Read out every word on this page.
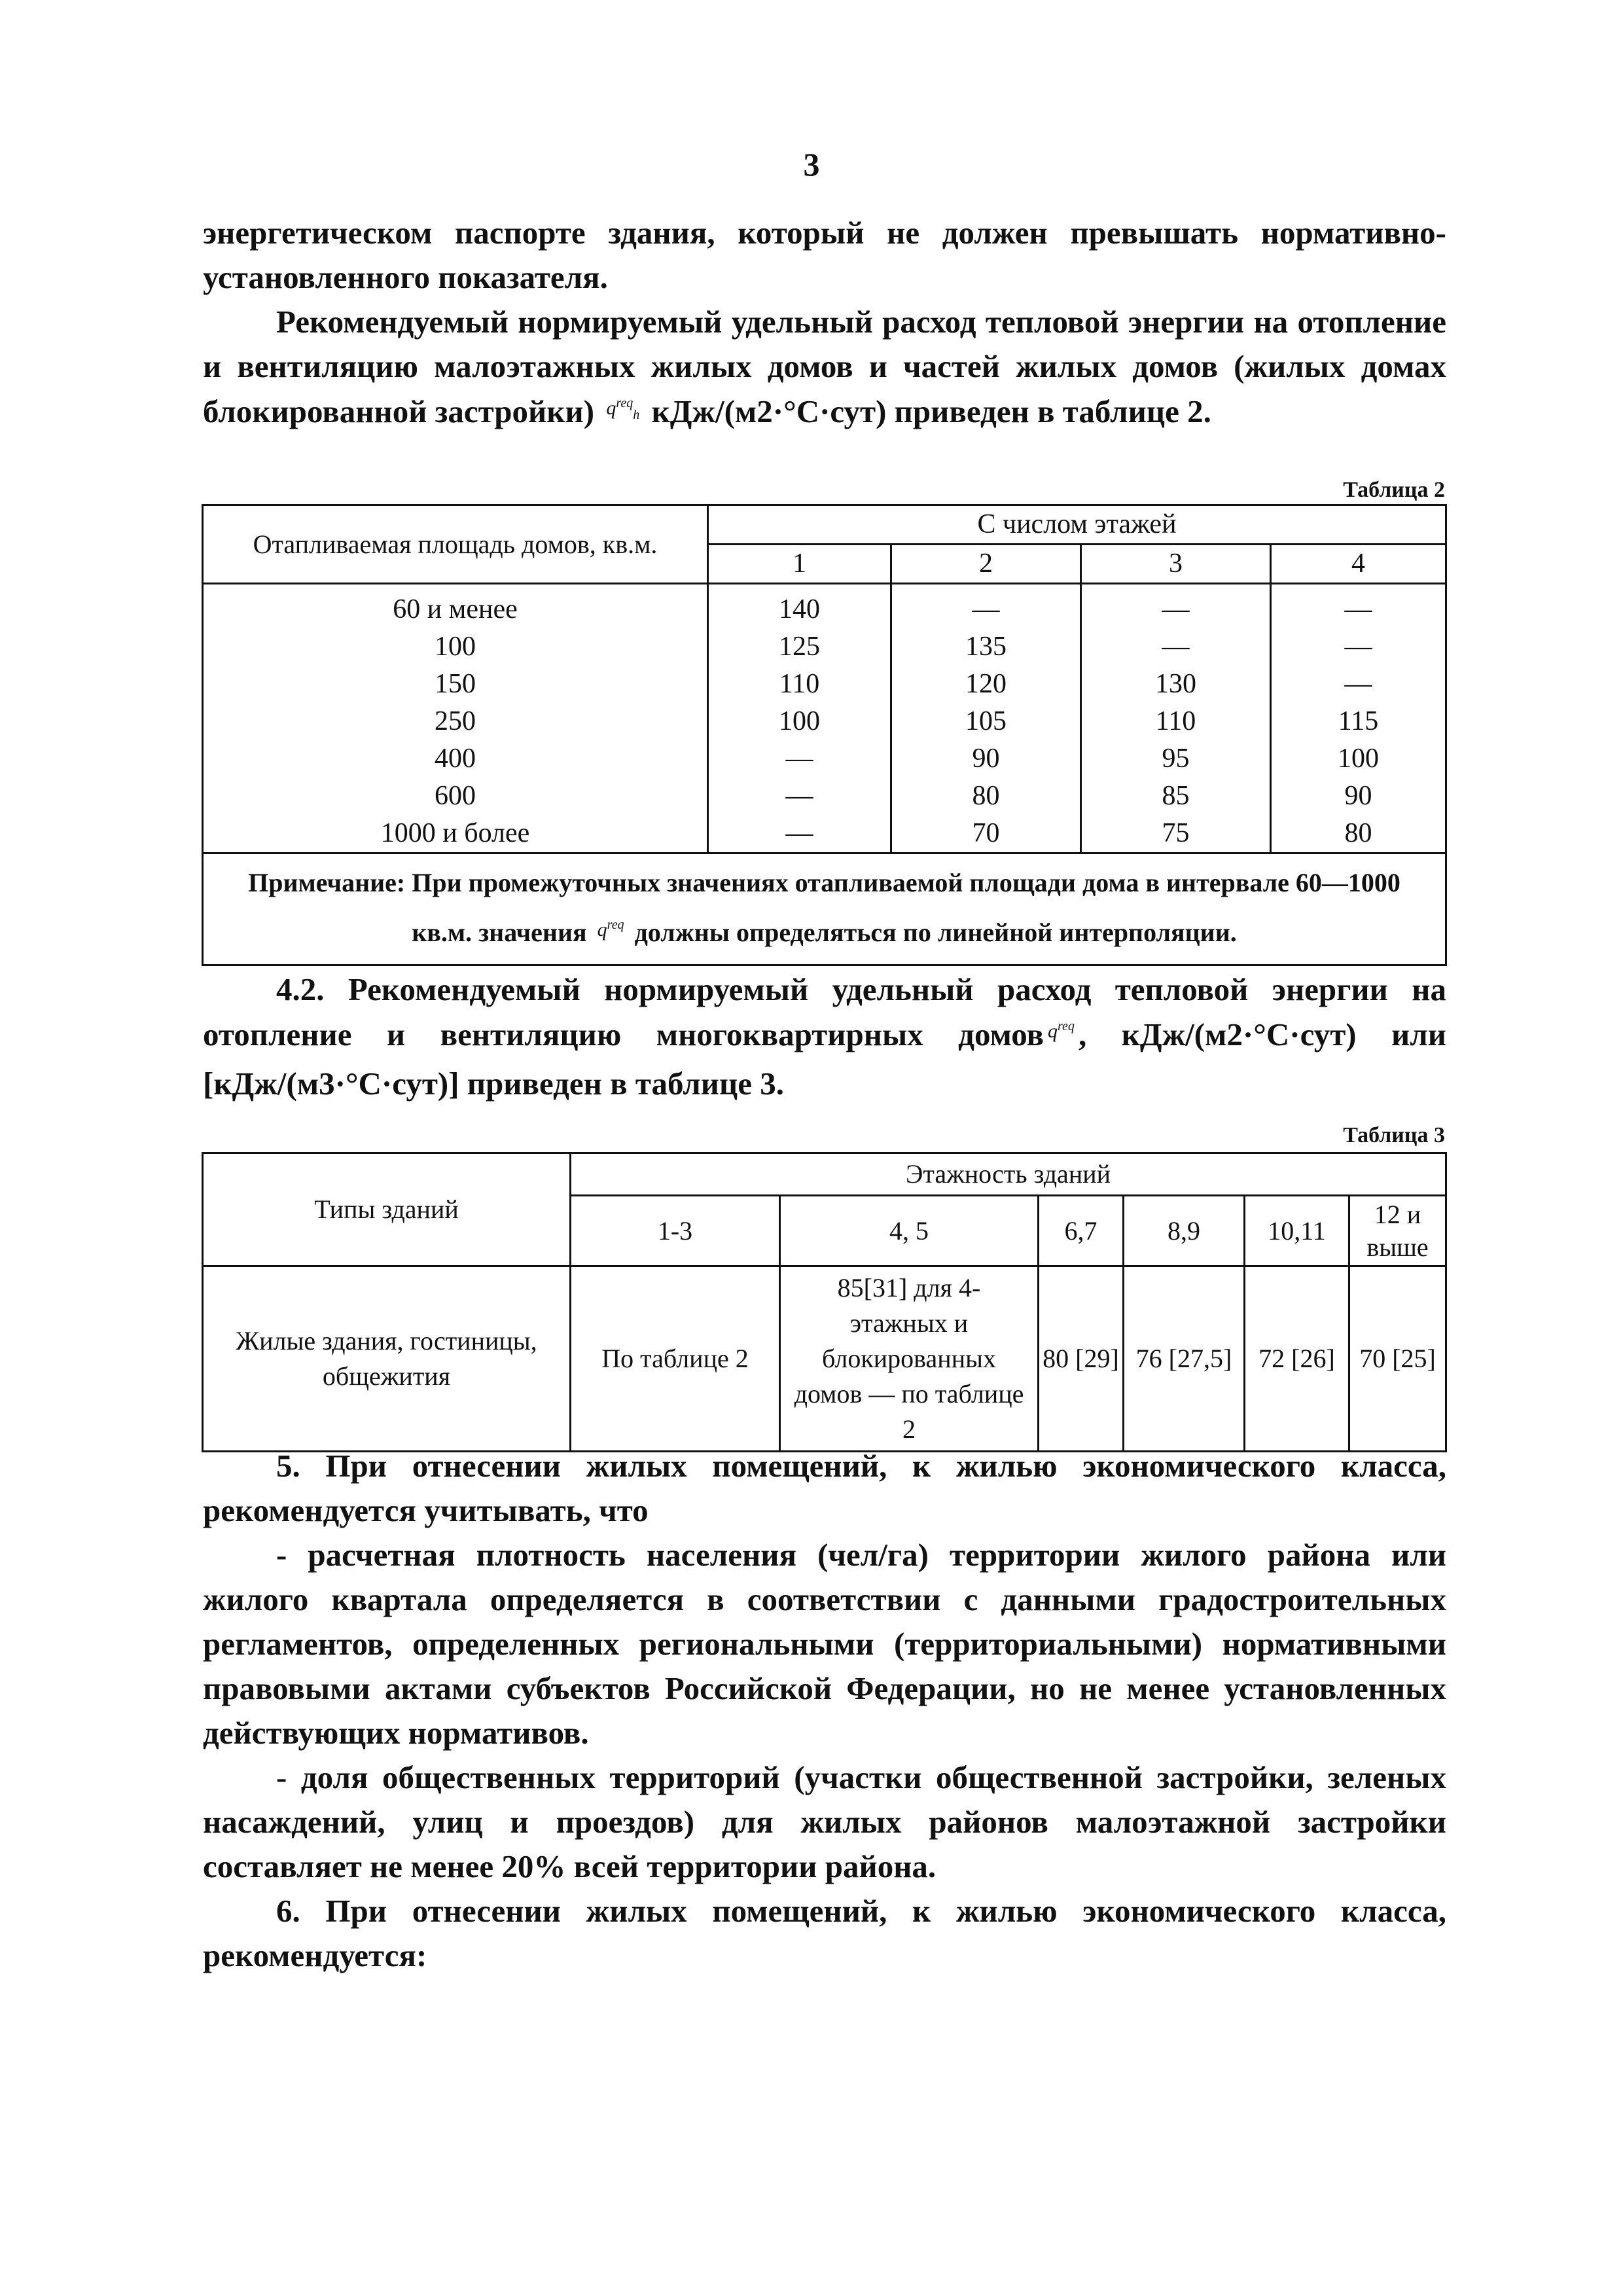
3
энергетическом паспорте здания, который не должен превышать нормативно-установленного показателя.
Рекомендуемый нормируемый удельный расход тепловой энергии на отопление и вентиляцию малоэтажных жилых домов и частей жилых домов (жилых домах блокированной застройки) $^{q^{req}_h}$ кДж/(м2·°С·сут) приведен в таблице 2.
Таблица 2
Отапливаемая площадь домов, кв.м.	С числом этажей			
	1	2	3	4
60 и менее	140	—	—	—
100	125	135	—	—
150	110	120	130	—
250	100	105	110	115
400	—	90	95	100
600	—	80	85	90
1000 и более	—	70	75	80
Примечание: При промежуточных значениях отапливаемой площади дома в интервале 60—1000 кв.м. значения $^{q^{req}}$ должны определяться по линейной интерполяции.				
4.2. Рекомендуемый нормируемый удельный расход тепловой энергии на отопление и вентиляцию многоквартирных домов $^{q^{req}}$ , кДж/(м2·°С·сут) или [кДж/(м3·°С·сут)] приведен в таблице 3.
Таблица 3
Типы зданий	Этажность зданий					
	1-3	4, 5	6,7	8,9	10,11	12 и выше
Жилые здания, гостиницы, общежития	По таблице 2	85[31] для 4-этажных и блокированных домов — по таблице 2	80 [29]	76 [27,5]	72 [26]	70 [25]
5. При отнесении жилых помещений, к жилью экономического класса, рекомендуется учитывать, что
- расчетная плотность населения (чел/га) территории жилого района или жилого квартала определяется в соответствии с данными градостроительных регламентов, определенных региональными (территориальными) нормативными правовыми актами субъектов Российской Федерации, но не менее установленных действующих нормативов.
- доля общественных территорий (участки общественной застройки, зеленых насаждений, улиц и проездов) для жилых районов малоэтажной застройки составляет не менее 20% всей территории района.
6. При отнесении жилых помещений, к жилью экономического класса, рекомендуется:
